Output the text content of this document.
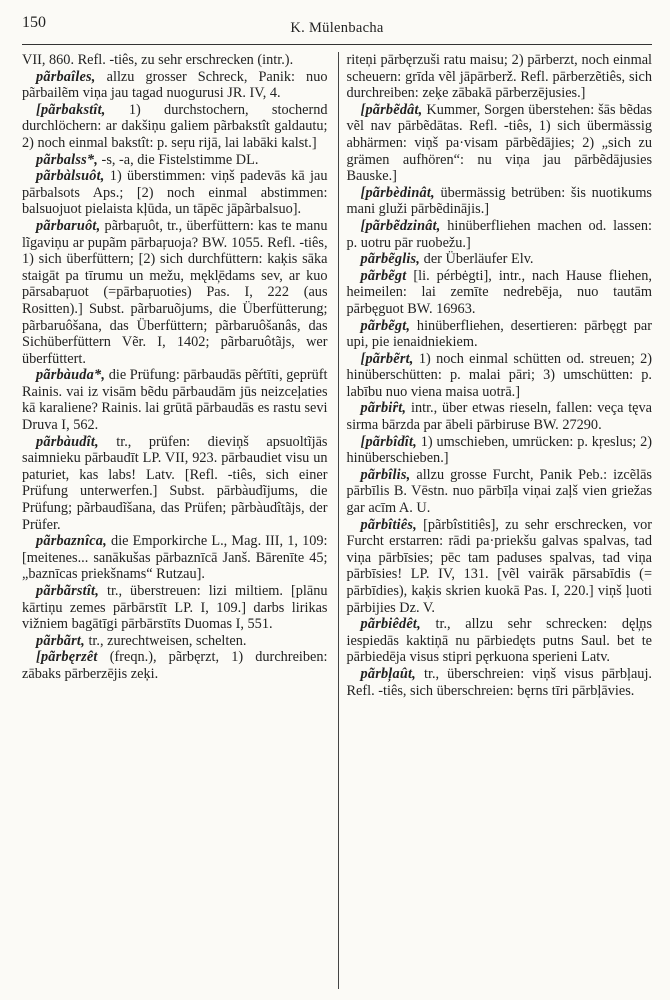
150	K. Mülenbacha

VII, 860. Refl. -tiês, zu sehr erschrecken (intr.).

pãrbaîles, allzu grosser Schreck, Panik: nuo pãrbailẽm viņa jau tagad nuogurusi JR. IV, 4.

[pãrbakstît, 1) durchstochern, stochernd durchlöchern: ar dakšiņu galiem pãrbakstît galdautu; 2) noch einmal bakstît: p. seŗu rijā, lai labāki kalst.]

pãrbalss*, -s, -a, die Fistelstimme DL.

pãrbàlsuôt, 1) überstimmen: viņš padevās kā jau pārbalsots Aps.; [2) noch einmal abstimmen: balsuojuot pielaista kļūda, un tāpēc jāpãrbalsuo].

pãrbaruôt, pãrbaŗuôt, tr., überfüttern: kas te manu lĩgaviņu ar pupãm pārbaŗuoja? BW. 1055. Refl. -tiês, 1) sich überfüttern; [2) sich durchfüttern: kaķis sāka staigāt pa tīrumu un mežu, mękl̦ēdams sev, ar kuo pārsabaŗuot (=pārbaŗuoties) Pas. I, 222 (aus Rositten).] Subst. pãrbaruõjums, die Überfütterung; pãrbaruôšana, das Überfüttern; pãrbaruôšanâs, das Sichüberfüttern Vẽr. I, 1402; pãrbaruôtãjs, wer überfüttert.

pãrbàuda*, die Prüfung: pārbaudās pẽŕtīti, geprüft Rainis. vai iz visām bẽdu pārbaudām jūs neizceļaties kā karaliene? Rainis. lai grūtā pārbaudās es rastu sevi Druva I, 562.

pãrbàudît, tr., prüfen: dieviņš apsuoltĩjās saimnieku pārbaudīt LP. VII, 923. pārbaudiet visu un paturiet, kas labs! Latv. [Refl. -tiês, sich einer Prüfung unterwerfen.] Subst. pārbàudĩjums, die Prüfung; pãrbaudĩšana, das Prüfen; pãrbàudîtãjs, der Prüfer.

pãrbaznîca, die Emporkirche L., Mag. III, 1, 109: [meitenes... sanākušas pārbaznīcā Janš. Bārenīte 45; „baznīcas priekšnams“ Rutzau].

pãrbãrstît, tr., überstreuen: lizi miltiem. [plānu kārtiņu zemes pārbārstīt LP. I, 109.] darbs lirikas vižniem bagātīgi pārbārstīts Duomas I, 551.

pãrbãrt, tr., zurechtweisen, schelten.

[pãrbęrzêt (freqn.), pãrbęrzt, 1) durchreiben: zābaks pārberzējis zeķi.

riteņi pārbęrzuši ratu maisu; 2) pārberzt, noch einmal scheuern: grīda vẽl jāpārberž. Refl. pārberzẽtiês, sich durchreiben: zeķe zābakā pārberzējusies.]

[pãrbẽdât, Kummer, Sorgen überstehen: šās bẽdas vẽl nav pārbẽdātas. Refl. -tiês, 1) sich übermässig abhärmen: viņš pa·visam pārbẽdājies; 2) „sich zu grämen aufhören“: nu viņa jau pārbẽdājusies Bauske.]

[pãrbèdinât, übermässig betrüben: šis nuotikums mani gluži pārbẽdinājis.]

[pãrbẽdzinât, hinüberfliehen machen od. lassen: p. uotru pār ruobežu.]

pãrbẽglis, der Überläufer Elv.

pãrbẽgt [li. pérbėgti], intr., nach Hause fliehen, heimeilen: lai zemīte nedrebēja, nuo tautām pārbęguot BW. 16963.

pãrbẽgt, hinüberfliehen, desertieren: pārbęgt par upi, pie ienaidniekiem.

[pãrbẽrt, 1) noch einmal schütten od. streuen; 2) hinüberschütten: p. malai pāri; 3) umschütten: p. labību nuo viena maisa uotrā.]

pãrbiȓt, intr., über etwas rieseln, fallen: veça tęva sirma bārzda par ābeli pārbiruse BW. 27290.

[pãrbîdît, 1) umschieben, umrücken: p. kŗeslus; 2) hinüberschieben.]

pãrbîlis, allzu grosse Furcht, Panik Peb.: izcẽlās pārbīlis B. Vēstn. nuo pārbīļa viņai zaļš vien griežas gar acīm A. U.

pãrbîtiês, [pãrbîstitiês], zu sehr erschrecken, vor Furcht erstarren: rādi pa·priekšu galvas spalvas, tad viņa pārbīsies; pēc tam paduses spalvas, tad viņa pārbīsies! LP. IV, 131. [vẽl vairāk pārsabīdis (= pārbīdies), kaķis skrien kuokā Pas. I, 220.] viņš ļuoti pārbijies Dz. V.

pãrbiêdêt, tr., allzu sehr schrecken: dęl̦ņs iespiedās kaktiņā nu pārbiedęts putns Saul. bet te pārbiedēja visus stipri pęrkuona sperieni Latv.

pãrbļaût, tr., überschreien: viņš visus pārbļauj. Refl. -tiês, sich überschreien: bęrns tīri pārbļāvies.
